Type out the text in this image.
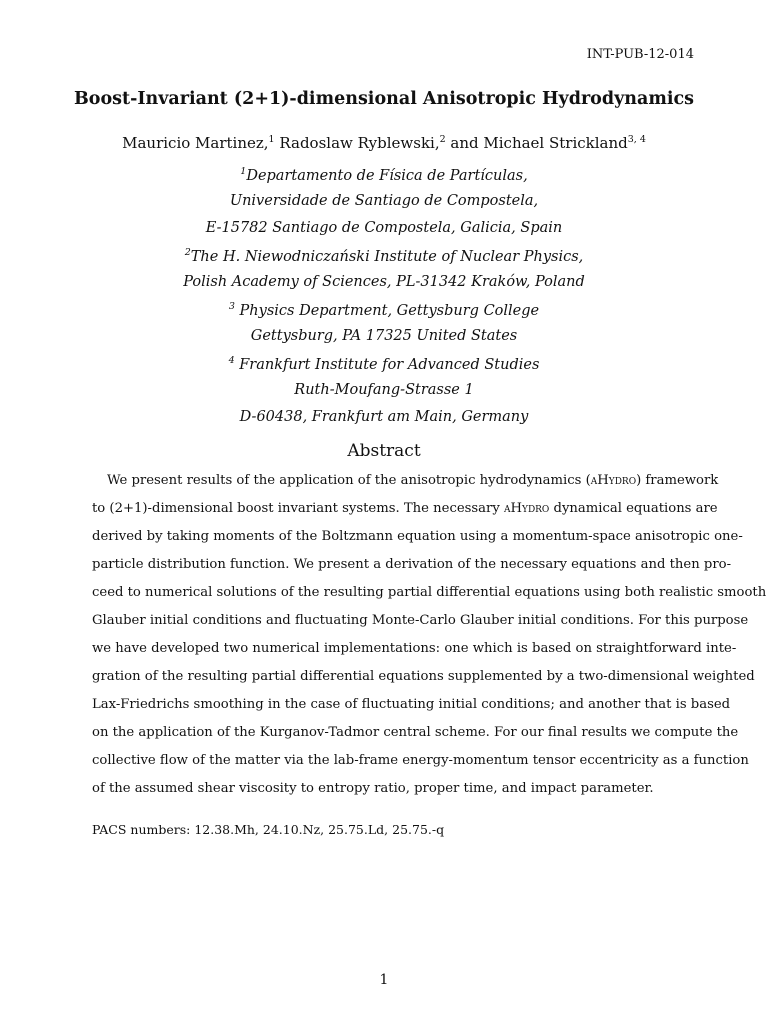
INT-PUB-12-014
Boost-Invariant (2+1)-dimensional Anisotropic Hydrodynamics
Mauricio Martinez,$^1$ Radoslaw Ryblewski,$^2$ and Michael Strickland$^{3, 4}$
$^1$Departamento de Física de Partículas,
Universidade de Santiago de Compostela,
E-15782 Santiago de Compostela, Galicia, Spain
$^2$The H. Niewodniczański Institute of Nuclear Physics,
Polish Academy of Sciences, PL-31342 Kraków, Poland
$^3$ Physics Department, Gettysburg College
Gettysburg, PA 17325 United States
$^4$ Frankfurt Institute for Advanced Studies
Ruth-Moufang-Strasse 1
D-60438, Frankfurt am Main, Germany
Abstract
We present results of the application of the anisotropic hydrodynamics (aHydro) framework
to (2+1)-dimensional boost invariant systems. The necessary aHydro dynamical equations are
derived by taking moments of the Boltzmann equation using a momentum-space anisotropic one-
particle distribution function. We present a derivation of the necessary equations and then pro-
ceed to numerical solutions of the resulting partial differential equations using both realistic smooth
Glauber initial conditions and fluctuating Monte-Carlo Glauber initial conditions. For this purpose
we have developed two numerical implementations: one which is based on straightforward inte-
gration of the resulting partial differential equations supplemented by a two-dimensional weighted
Lax-Friedrichs smoothing in the case of fluctuating initial conditions; and another that is based
on the application of the Kurganov-Tadmor central scheme. For our final results we compute the
collective flow of the matter via the lab-frame energy-momentum tensor eccentricity as a function
of the assumed shear viscosity to entropy ratio, proper time, and impact parameter.
PACS numbers: 12.38.Mh, 24.10.Nz, 25.75.Ld, 25.75.-q
1
